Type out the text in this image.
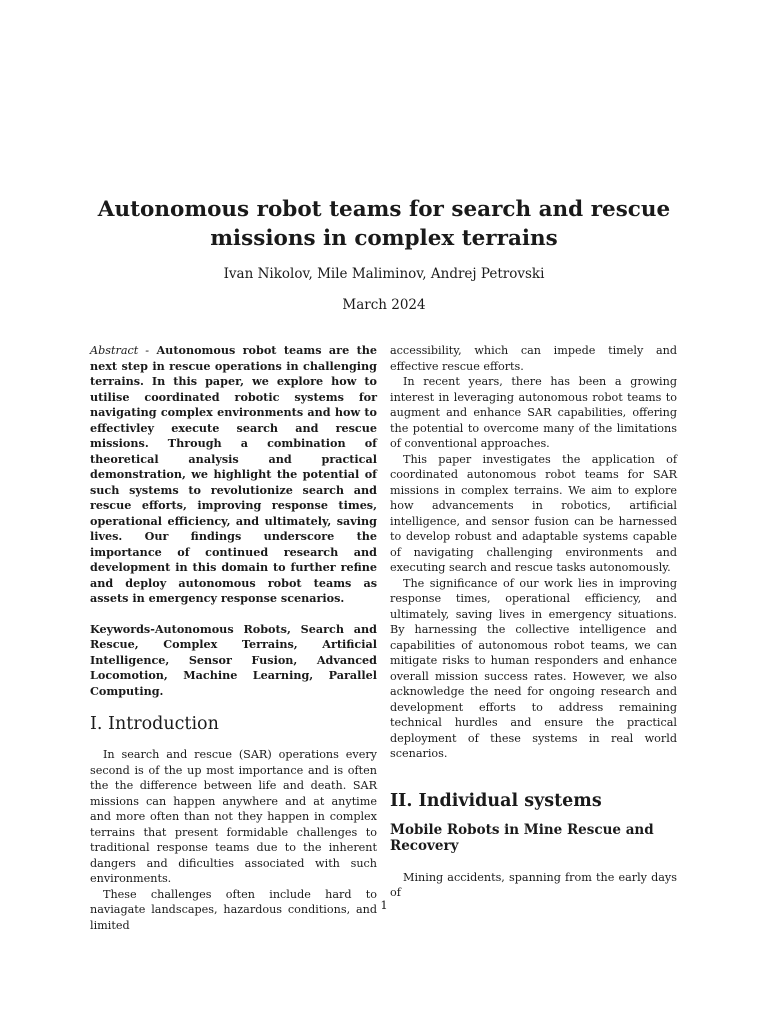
Autonomous robot teams for search and rescue missions in complex terrains
Ivan Nikolov, Mile Maliminov, Andrej Petrovski
March 2024

Abstract - Autonomous robot teams are the next step in rescue operations in challenging terrains. In this paper, we explore how to utilise coordinated robotic systems for navigating complex environments and how to effectivley execute search and rescue missions. Through a combination of theoretical analysis and practical demonstration, we highlight the potential of such systems to revolutionize search and rescue efforts, improving response times, operational efficiency, and ultimately, saving lives. Our findings underscore the importance of continued research and development in this domain to further refine and deploy autonomous robot teams as assets in emergency response scenarios.

Keywords-Autonomous Robots, Search and Rescue, Complex Terrains, Artificial Intelligence, Sensor Fusion, Advanced Locomotion, Machine Learning, Parallel Computing.

I. Introduction

In search and rescue (SAR) operations every second is of the up most importance and is often the the difference between life and death. SAR missions can happen anywhere and at anytime and more often than not they happen in complex terrains that present formidable challenges to traditional response teams due to the inherent dangers and dificulties associated with such environments.

These challenges often include hard to naviagate landscapes, hazardous conditions, and limited

accessibility, which can impede timely and effective rescue efforts.

In recent years, there has been a growing interest in leveraging autonomous robot teams to augment and enhance SAR capabilities, offering the potential to overcome many of the limitations of conventional approaches.

This paper investigates the application of coordinated autonomous robot teams for SAR missions in complex terrains. We aim to explore how advancements in robotics, artificial intelligence, and sensor fusion can be harnessed to develop robust and adaptable systems capable of navigating challenging environments and executing search and rescue tasks autonomously.

The significance of our work lies in improving response times, operational efficiency, and ultimately, saving lives in emergency situations. By harnessing the collective intelligence and capabilities of autonomous robot teams, we can mitigate risks to human responders and enhance overall mission success rates. However, we also acknowledge the need for ongoing research and development efforts to address remaining technical hurdles and ensure the practical deployment of these systems in real world scenarios.

II. Individual systems
Mobile Robots in Mine Rescue and Recovery

Mining accidents, spanning from the early days of

1
